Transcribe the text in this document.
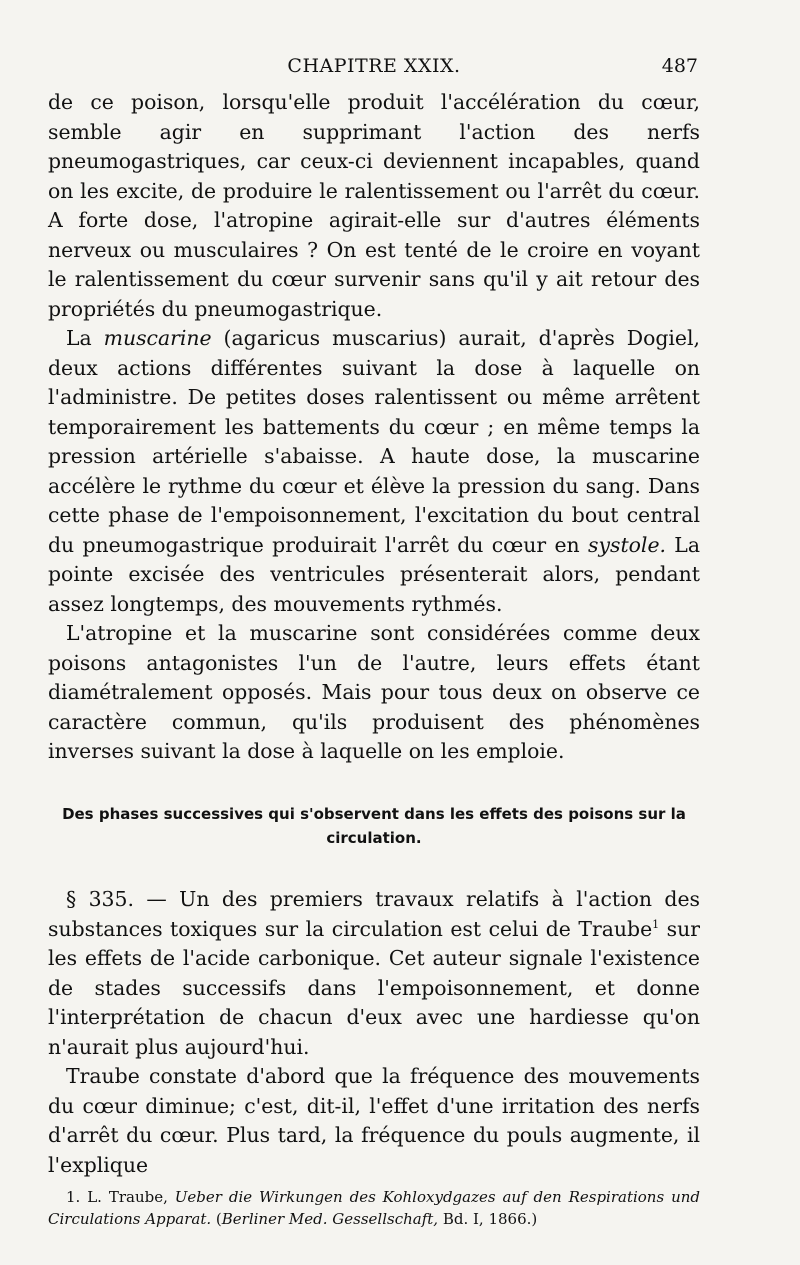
CHAPITRE XXIX.	487

de ce poison, lorsqu'elle produit l'accélération du cœur, semble agir en supprimant l'action des nerfs pneumogastriques, car ceux-ci deviennent incapables, quand on les excite, de produire le ralentissement ou l'arrêt du cœur. A forte dose, l'atropine agirait-elle sur d'autres éléments nerveux ou musculaires ? On est tenté de le croire en voyant le ralentissement du cœur survenir sans qu'il y ait retour des propriétés du pneumogastrique.

La muscarine (agaricus muscarius) aurait, d'après Dogiel, deux actions différentes suivant la dose à laquelle on l'administre. De petites doses ralentissent ou même arrêtent temporairement les battements du cœur ; en même temps la pression artérielle s'abaisse. A haute dose, la muscarine accélère le rythme du cœur et élève la pression du sang. Dans cette phase de l'empoisonnement, l'excitation du bout central du pneumogastrique produirait l'arrêt du cœur en systole. La pointe excisée des ventricules présenterait alors, pendant assez longtemps, des mouvements rythmés.

L'atropine et la muscarine sont considérées comme deux poisons antagonistes l'un de l'autre, leurs effets étant diamétralement opposés. Mais pour tous deux on observe ce caractère commun, qu'ils produisent des phénomènes inverses suivant la dose à laquelle on les emploie.

Des phases successives qui s'observent dans les effets des poisons sur la circulation.

§ 335. — Un des premiers travaux relatifs à l'action des substances toxiques sur la circulation est celui de Traube$^1$ sur les effets de l'acide carbonique. Cet auteur signale l'existence de stades successifs dans l'empoisonnement, et donne l'interprétation de chacun d'eux avec une hardiesse qu'on n'aurait plus aujourd'hui.

Traube constate d'abord que la fréquence des mouvements du cœur diminue; c'est, dit-il, l'effet d'une irritation des nerfs d'arrêt du cœur. Plus tard, la fréquence du pouls augmente, il l'explique

1. L. Traube, Ueber die Wirkungen des Kohloxydgazes auf den Respirations und Circulations Apparat. (Berliner Med. Gessellschaft, Bd. I, 1866.)
